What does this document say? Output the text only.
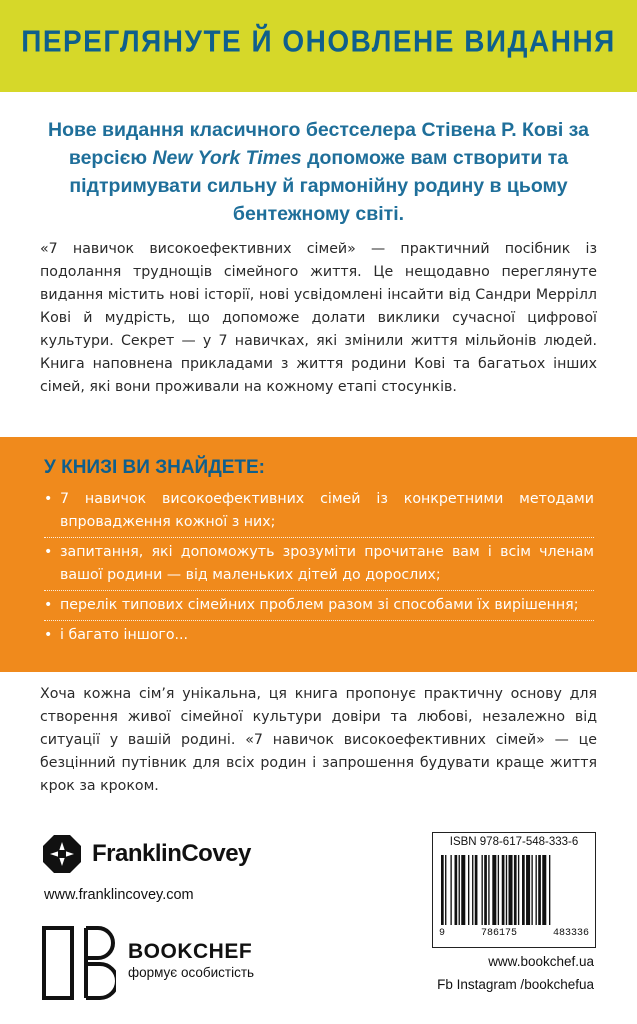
ПЕРЕГЛЯНУТЕ Й ОНОВЛЕНЕ ВИДАННЯ
Нове видання класичного бестселера Стівена Р. Кові за версією New York Times допоможе вам створити та підтримувати сильну й гармонійну родину в цьому бентежному світі.
«7 навичок високоефективних сімей» — практичний посібник із подолання труднощів сімейного життя. Це нещодавно переглянуте видання містить нові історії, нові усвідомлені інсайти від Сандри Меррілл Кові й мудрість, що допоможе долати виклики сучасної цифрової культури. Секрет — у 7 навичках, які змінили життя мільйонів людей. Книга наповнена прикладами з життя родини Кові та багатьох інших сімей, які вони проживали на кожному етапі стосунків.
У КНИЗІ ВИ ЗНАЙДЕТЕ:
• 7 навичок високоефективних сімей із конкретними методами впровадження кожної з них;
• запитання, які допоможуть зрозуміти прочитане вам і всім членам вашої родини — від маленьких дітей до дорослих;
• перелік типових сімейних проблем разом зі способами їх вирішення;
• і багато іншого...
Хоча кожна сім’я унікальна, ця книга пропонує практичну основу для створення живої сімейної культури довіри та любові, незалежно від ситуації у вашій родині. «7 навичок високоефективних сімей» — це безцінний путівник для всіх родин і запрошення будувати краще життя крок за кроком.
FranklinCovey
www.franklincovey.com
BOOKCHEF
формує особистість
ISBN 978-617-548-333-6
9	786175	483336
www.bookchef.ua
Fb Instagram /bookchefua
